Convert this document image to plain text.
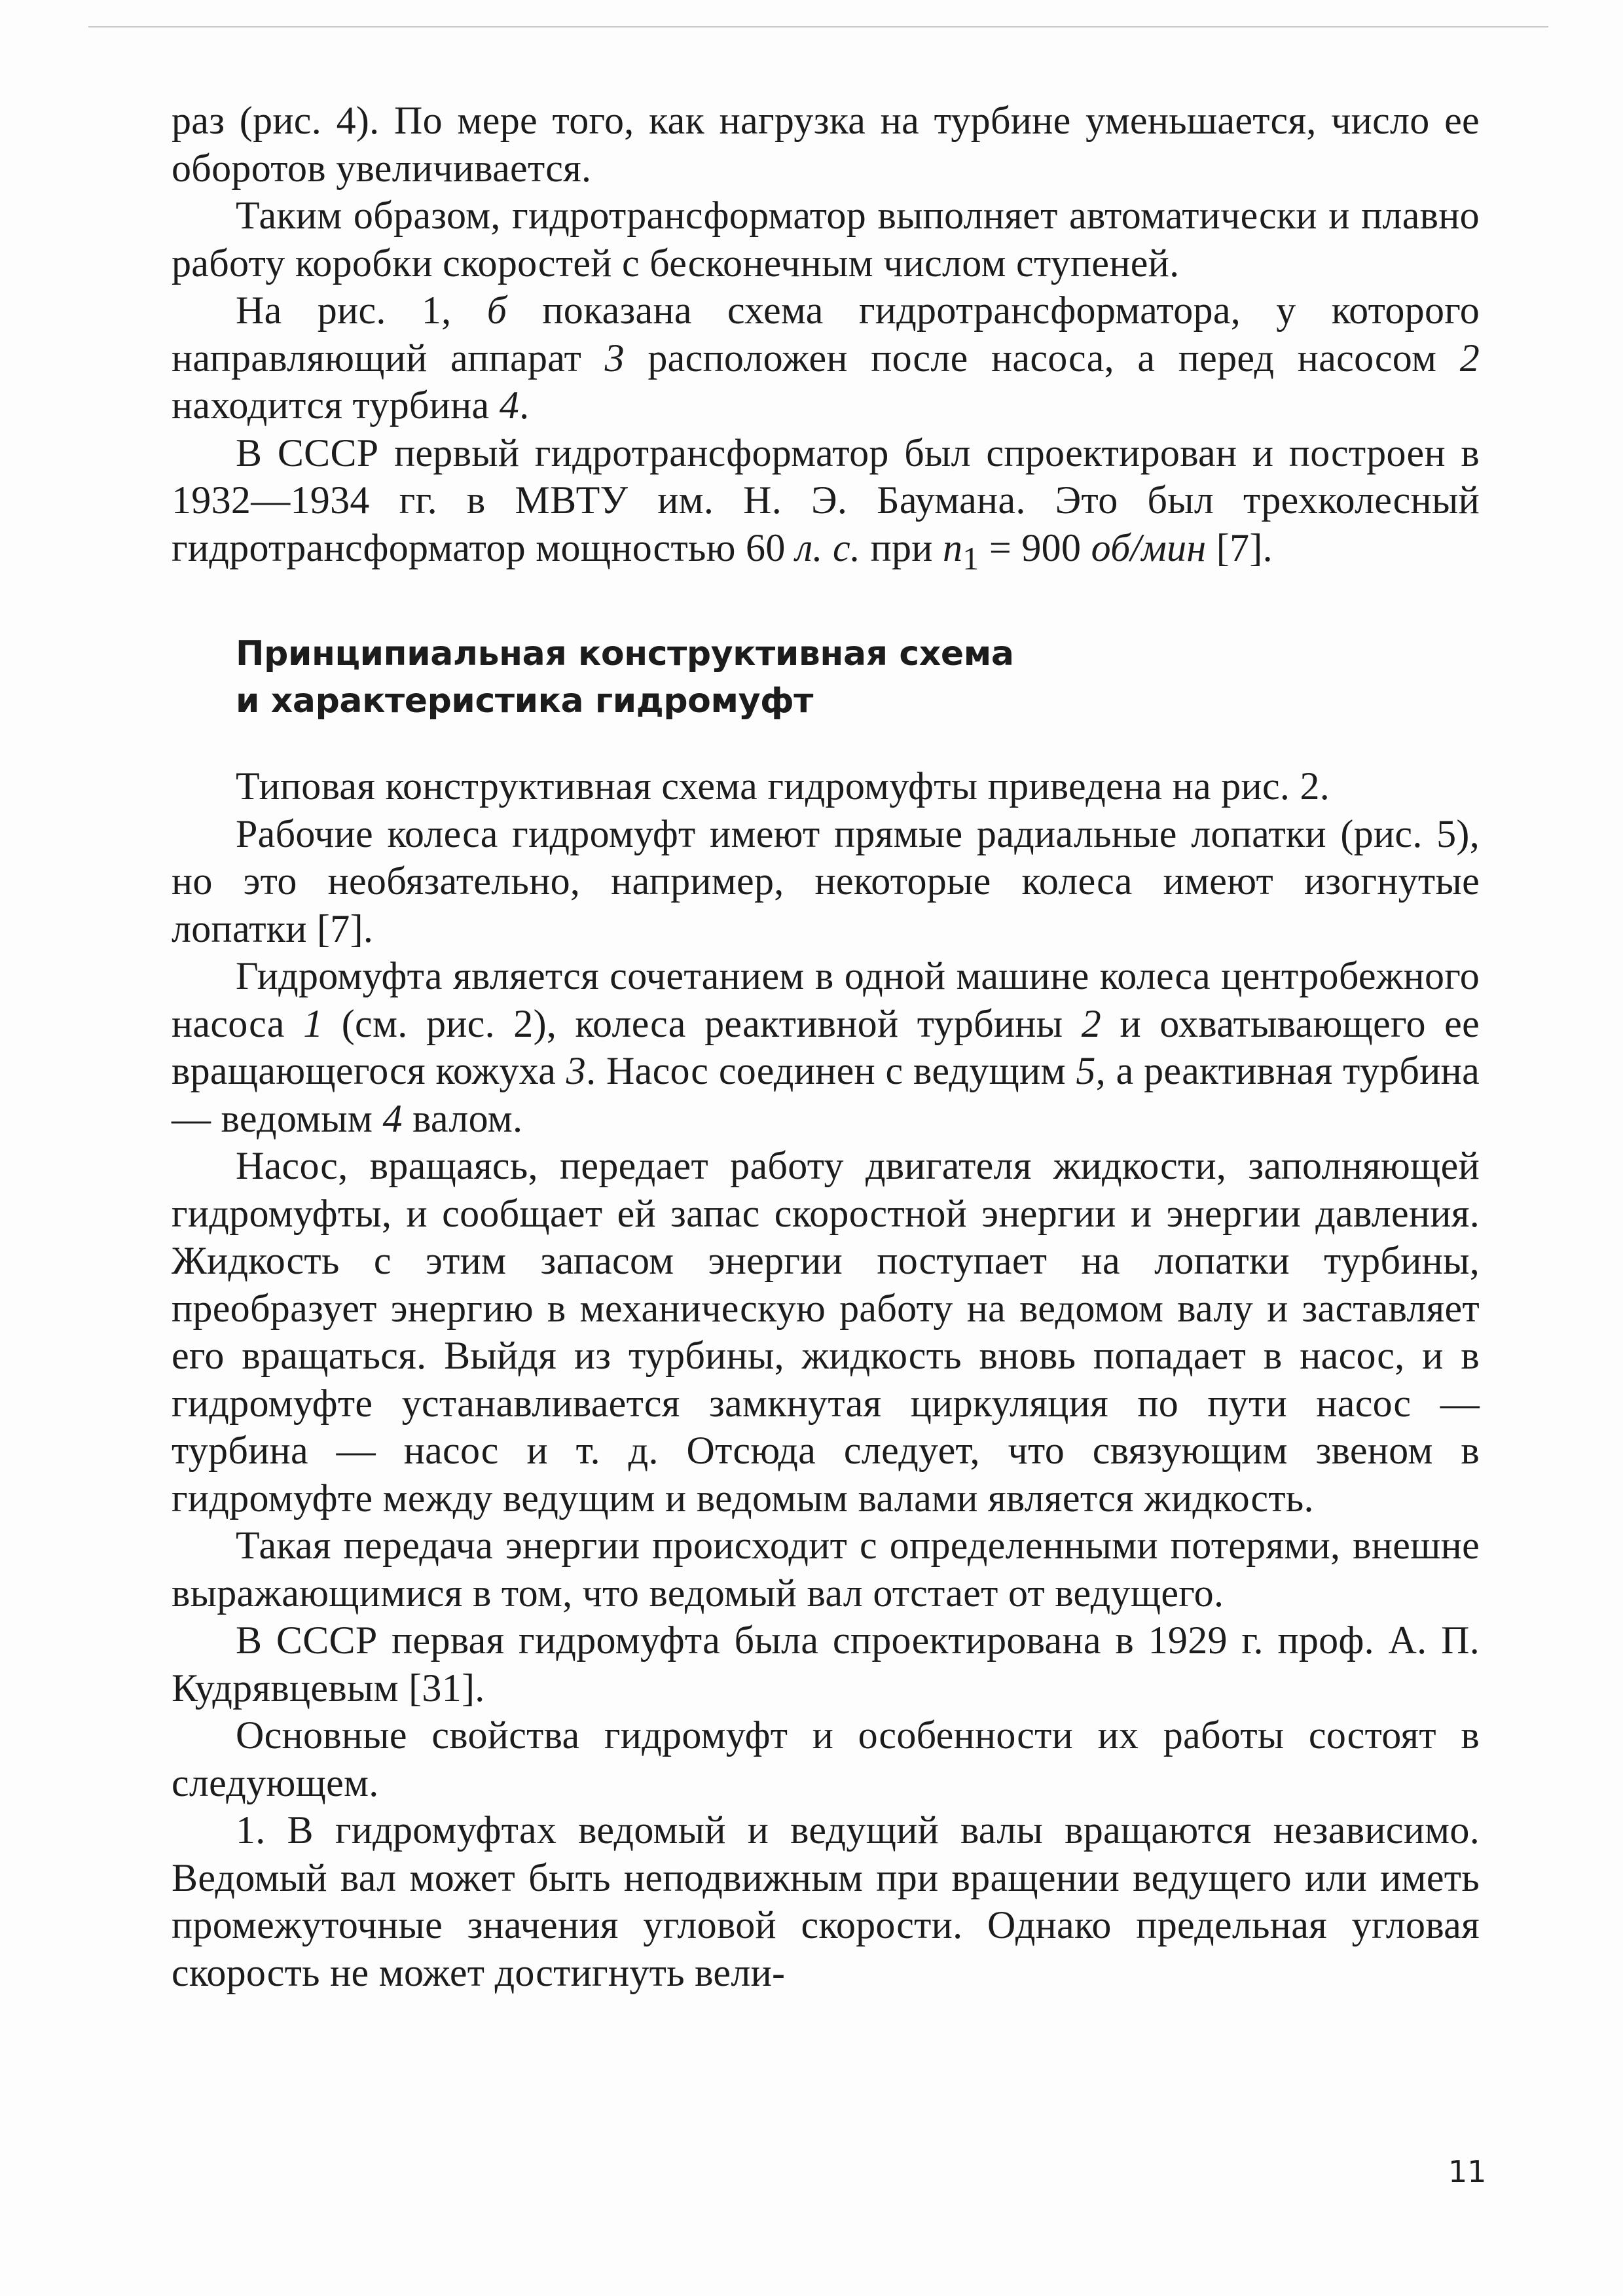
раз (рис. 4). По мере того, как нагрузка на турбине уменьшается, число ее оборотов увеличивается.

Таким образом, гидротрансформатор выполняет автоматически и плавно работу коробки скоростей с бесконечным числом ступеней.

На рис. 1, б показана схема гидротрансформатора, у которого направляющий аппарат 3 расположен после насоса, а перед насосом 2 находится турбина 4.

В СССР первый гидротрансформатор был спроектирован и построен в 1932—1934 гг. в МВТУ им. Н. Э. Баумана. Это был трехколесный гидротрансформатор мощностью 60 л. с. при $n_1 = 900$ об/мин [7].

Принципиальная конструктивная схема
и характеристика гидромуфт

Типовая конструктивная схема гидромуфты приведена на рис. 2.

Рабочие колеса гидромуфт имеют прямые радиальные лопатки (рис. 5), но это необязательно, например, некоторые колеса имеют изогнутые лопатки [7].

Гидромуфта является сочетанием в одной машине колеса центробежного насоса 1 (см. рис. 2), колеса реактивной турбины 2 и охватывающего ее вращающегося кожуха 3. Насос соединен с ведущим 5, а реактивная турбина — ведомым 4 валом.

Насос, вращаясь, передает работу двигателя жидкости, заполняющей гидромуфты, и сообщает ей запас скоростной энергии и энергии давления. Жидкость с этим запасом энергии поступает на лопатки турбины, преобразует энергию в механическую работу на ведомом валу и заставляет его вращаться. Выйдя из турбины, жидкость вновь попадает в насос, и в гидромуфте устанавливается замкнутая циркуляция по пути насос — турбина — насос и т. д. Отсюда следует, что связующим звеном в гидромуфте между ведущим и ведомым валами является жидкость.

Такая передача энергии происходит с определенными потерями, внешне выражающимися в том, что ведомый вал отстает от ведущего.

В СССР первая гидромуфта была спроектирована в 1929 г. проф. А. П. Кудрявцевым [31].

Основные свойства гидромуфт и особенности их работы состоят в следующем.

1. В гидромуфтах ведомый и ведущий валы вращаются независимо. Ведомый вал может быть неподвижным при вращении ведущего или иметь промежуточные значения угловой скорости. Однако предельная угловая скорость не может достигнуть вели-

11
